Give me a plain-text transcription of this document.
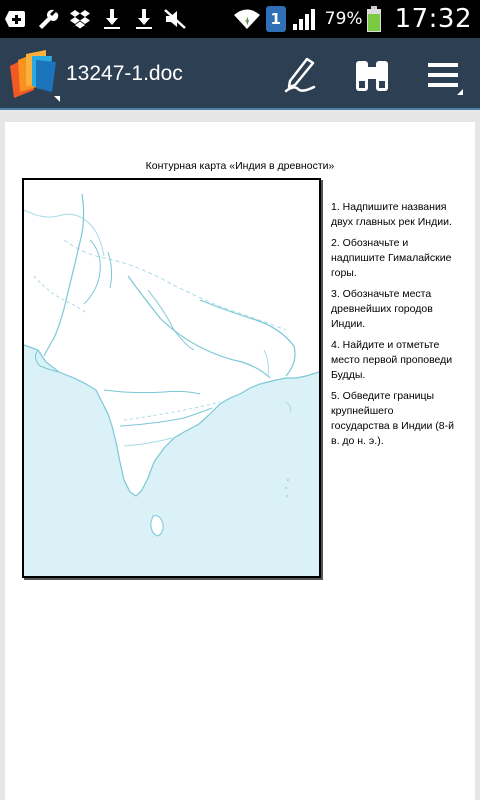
1	79% 17:32
13247-1.doc
Контурная карта «Индия в древности»
1. Надпишите названия двух главных рек Индии.
2. Обозначьте и надпишите Гималайские горы.
3. Обозначьте места древнейших городов Индии.
4. Найдите и отметьте место первой проповеди Будды.
5. Обведите границы крупнейшего государства в Индии (8-й в. до н. э.).
